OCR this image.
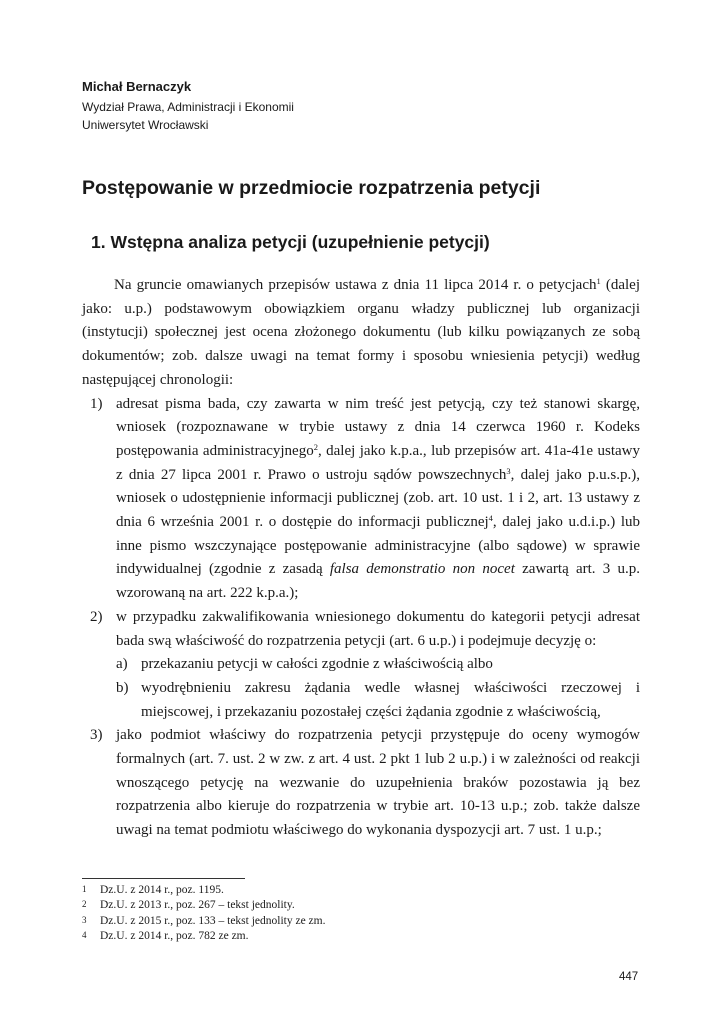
Michał Bernaczyk
Wydział Prawa, Administracji i Ekonomii
Uniwersytet Wrocławski
Postępowanie w przedmiocie rozpatrzenia petycji
1. Wstępna analiza petycji (uzupełnienie petycji)

Na gruncie omawianych przepisów ustawa z dnia 11 lipca 2014 r. o petycjach$^1$ (dalej jako: u.p.) podstawowym obowiązkiem organu władzy publicznej lub organizacji (instytucji) społecznej jest ocena złożonego dokumentu (lub kilku powiązanych ze sobą dokumentów; zob. dalsze uwagi na temat formy i sposobu wniesienia petycji) według następującej chronologii:

1) adresat pisma bada, czy zawarta w nim treść jest petycją, czy też stanowi skargę, wniosek (rozpoznawane w trybie ustawy z dnia 14 czerwca 1960 r. Kodeks postępowania administracyjnego$^2$, dalej jako k.p.a., lub przepisów art. 41a-41e ustawy z dnia 27 lipca 2001 r. Prawo o ustroju sądów powszechnych$^3$, dalej jako p.u.s.p.), wniosek o udostępnienie informacji publicznej (zob. art. 10 ust. 1 i 2, art. 13 ustawy z dnia 6 września 2001 r. o dostępie do informacji publicznej$^4$, dalej jako u.d.i.p.) lub inne pismo wszczynające postępowanie administracyjne (albo sądowe) w sprawie indywidualnej (zgodnie z zasadą falsa demonstratio non nocet zawartą art. 3 u.p. wzorowaną na art. 222 k.p.a.);

2) w przypadku zakwalifikowania wniesionego dokumentu do kategorii petycji adresat bada swą właściwość do rozpatrzenia petycji (art. 6 u.p.) i podejmuje decyzję o:

a) przekazaniu petycji w całości zgodnie z właściwością albo

b) wyodrębnieniu zakresu żądania wedle własnej właściwości rzeczowej i miejscowej, i przekazaniu pozostałej części żądania zgodnie z właściwością,

3) jako podmiot właściwy do rozpatrzenia petycji przystępuje do oceny wymogów formalnych (art. 7. ust. 2 w zw. z art. 4 ust. 2 pkt 1 lub 2 u.p.) i w zależności od reakcji wnoszącego petycję na wezwanie do uzupełnienia braków pozostawia ją bez rozpatrzenia albo kieruje do rozpatrzenia w trybie art. 10-13 u.p.; zob. także dalsze uwagi na temat podmiotu właściwego do wykonania dyspozycji art. 7 ust. 1 u.p.;

1 Dz.U. z 2014 r., poz. 1195.
2 Dz.U. z 2013 r., poz. 267 – tekst jednolity.
3 Dz.U. z 2015 r., poz. 133 – tekst jednolity ze zm.
4 Dz.U. z 2014 r., poz. 782 ze zm.
447
